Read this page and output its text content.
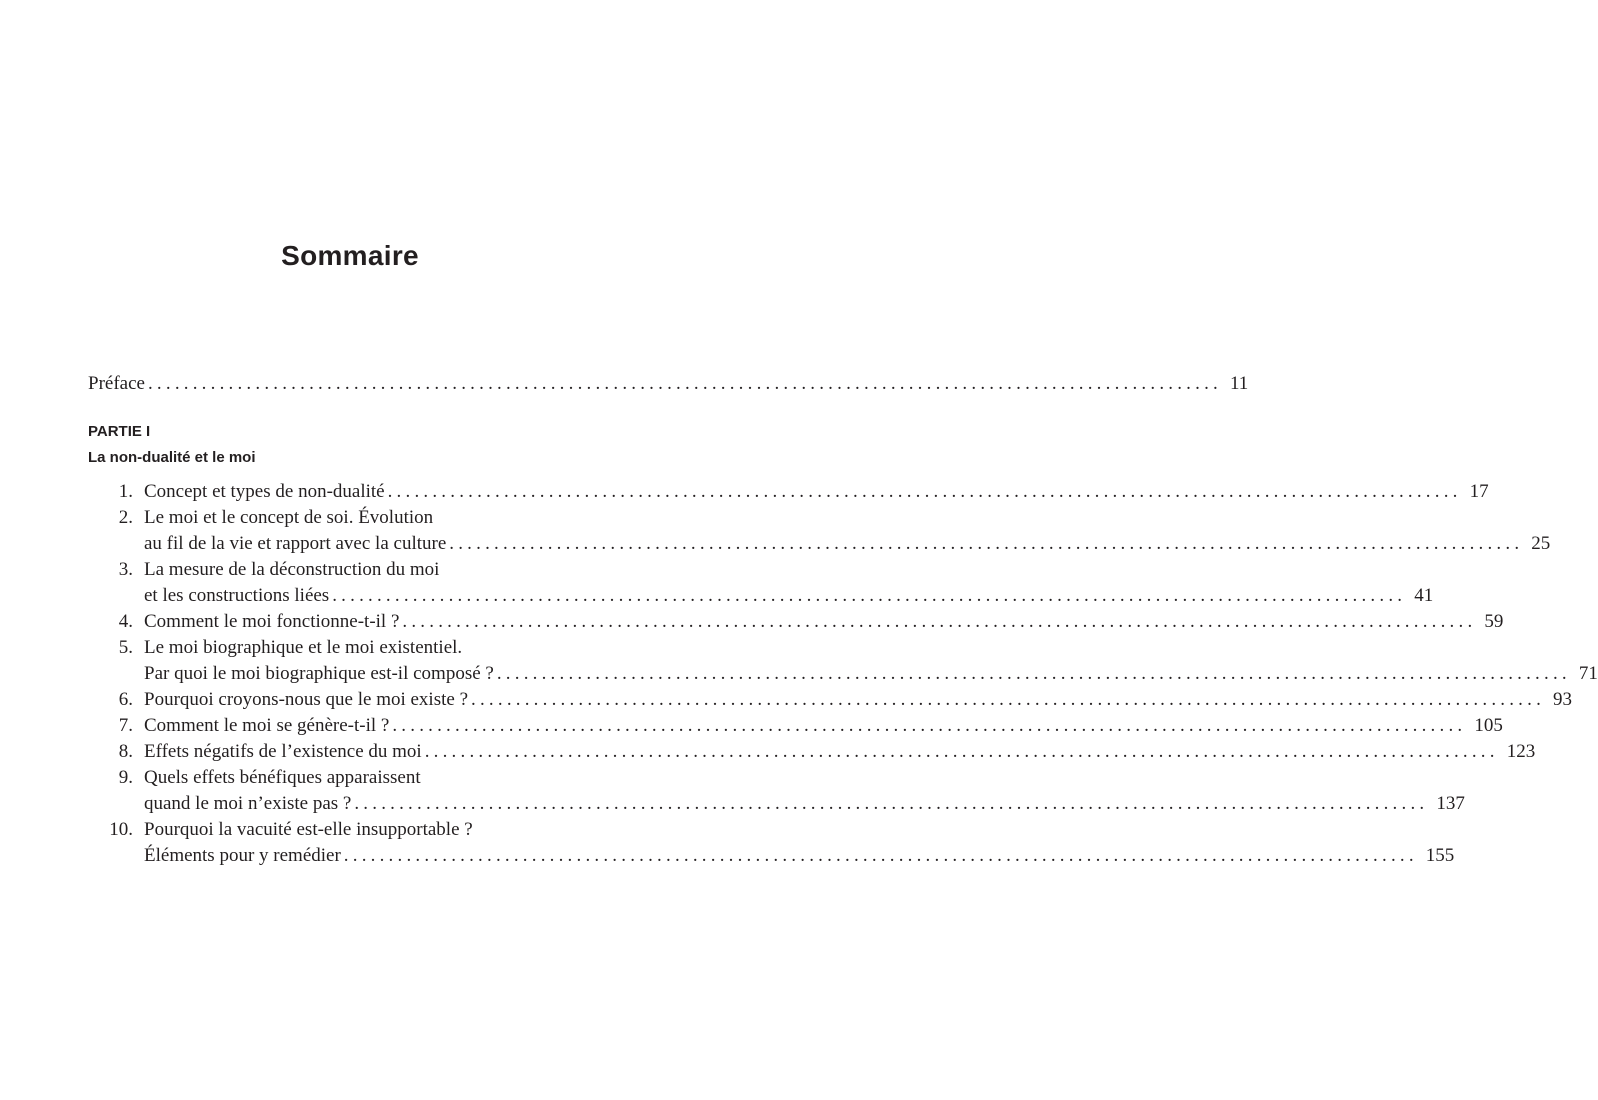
Sommaire
Préface ........................................................................................................................ 11
PARTIE I
La non-dualité et le moi
1. Concept et types de non-dualité ........................................................................................................................ 17
2. Le moi et le concept de soi. Évolution
au fil de la vie et rapport avec la culture ........................................................................................................................ 25
3. La mesure de la déconstruction du moi
et les constructions liées ........................................................................................................................ 41
4. Comment le moi fonctionne-t-il ? ........................................................................................................................ 59
5. Le moi biographique et le moi existentiel.
Par quoi le moi biographique est-il composé ? ........................................................................................................................ 71
6. Pourquoi croyons-nous que le moi existe ? ........................................................................................................................ 93
7. Comment le moi se génère-t-il ? ........................................................................................................................ 105
8. Effets négatifs de l’existence du moi ........................................................................................................................ 123
9. Quels effets bénéfiques apparaissent
quand le moi n’existe pas ? ........................................................................................................................ 137
10. Pourquoi la vacuité est-elle insupportable ?
Éléments pour y remédier ........................................................................................................................ 155
